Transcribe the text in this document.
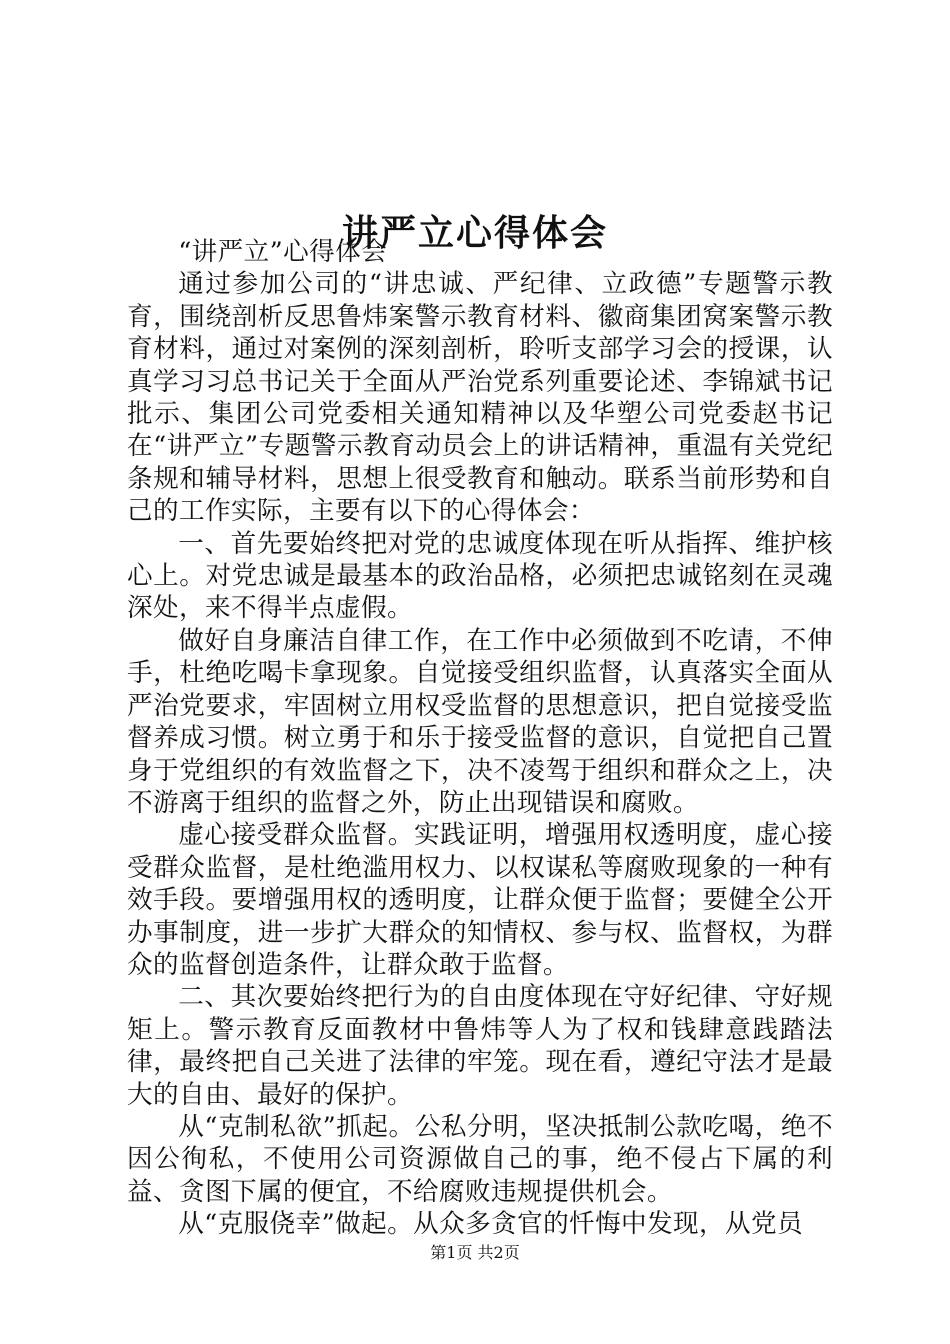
讲严立心得体会

“讲严立”心得体会

通过参加公司的“讲忠诚、严纪律、立政德”专题警示教育，围绕剖析反思鲁炜案警示教育材料、徽商集团窝案警示教育材料，通过对案例的深刻剖析，聆听支部学习会的授课，认真学习习总书记关于全面从严治党系列重要论述、李锦斌书记批示、集团公司党委相关通知精神以及华塑公司党委赵书记在“讲严立”专题警示教育动员会上的讲话精神，重温有关党纪条规和辅导材料，思想上很受教育和触动。联系当前形势和自己的工作实际，主要有以下的心得体会：

一、首先要始终把对党的忠诚度体现在听从指挥、维护核心上。对党忠诚是最基本的政治品格，必须把忠诚铭刻在灵魂深处，来不得半点虚假。

做好自身廉洁自律工作，在工作中必须做到不吃请，不伸手，杜绝吃喝卡拿现象。自觉接受组织监督，认真落实全面从严治党要求，牢固树立用权受监督的思想意识，把自觉接受监督养成习惯。树立勇于和乐于接受监督的意识，自觉把自己置身于党组织的有效监督之下，决不凌驾于组织和群众之上，决不游离于组织的监督之外，防止出现错误和腐败。

虚心接受群众监督。实践证明，增强用权透明度，虚心接受群众监督，是杜绝滥用权力、以权谋私等腐败现象的一种有效手段。要增强用权的透明度，让群众便于监督；要健全公开办事制度，进一步扩大群众的知情权、参与权、监督权，为群众的监督创造条件，让群众敢于监督。

二、其次要始终把行为的自由度体现在守好纪律、守好规矩上。警示教育反面教材中鲁炜等人为了权和钱肆意践踏法律，最终把自己关进了法律的牢笼。现在看，遵纪守法才是最大的自由、最好的保护。

从“克制私欲”抓起。公私分明，坚决抵制公款吃喝，绝不因公徇私，不使用公司资源做自己的事，绝不侵占下属的利益、贪图下属的便宜，不给腐败违规提供机会。

从“克服侥幸”做起。从众多贪官的忏悔中发现，从党员

第1页 共2页
